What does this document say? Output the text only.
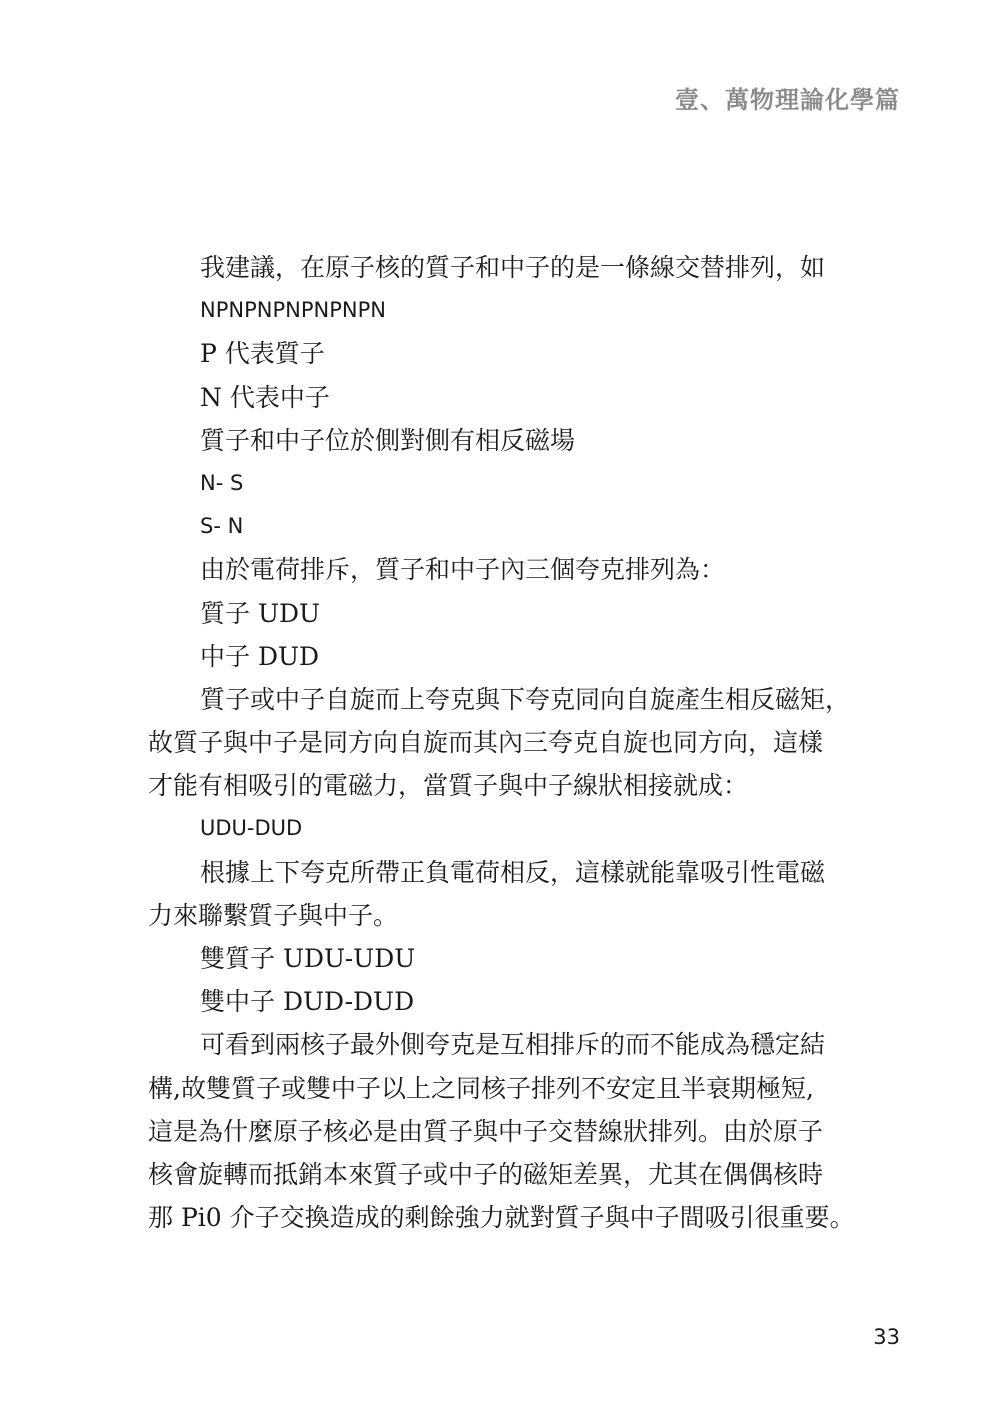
壹、萬物理論化學篇
我建議，在原子核的質子和中子的是一條線交替排列，如
NPNPNPNPNPNPN
P 代表質子
N 代表中子
質子和中子位於側對側有相反磁場
N- S
S- N
由於電荷排斥，質子和中子內三個夸克排列為：
質子 UDU
中子 DUD
質子或中子自旋而上夸克與下夸克同向自旋產生相反磁矩，
故質子與中子是同方向自旋而其內三夸克自旋也同方向，這樣
才能有相吸引的電磁力，當質子與中子線狀相接就成：
UDU-DUD
根據上下夸克所帶正負電荷相反，這樣就能靠吸引性電磁
力來聯繫質子與中子。
雙質子 UDU-UDU
雙中子 DUD-DUD
可看到兩核子最外側夸克是互相排斥的而不能成為穩定結
構,故雙質子或雙中子以上之同核子排列不安定且半衰期極短,
這是為什麼原子核必是由質子與中子交替線狀排列。由於原子
核會旋轉而抵銷本來質子或中子的磁矩差異，尤其在偶偶核時
那 Pi0 介子交換造成的剩餘強力就對質子與中子間吸引很重要。
33
